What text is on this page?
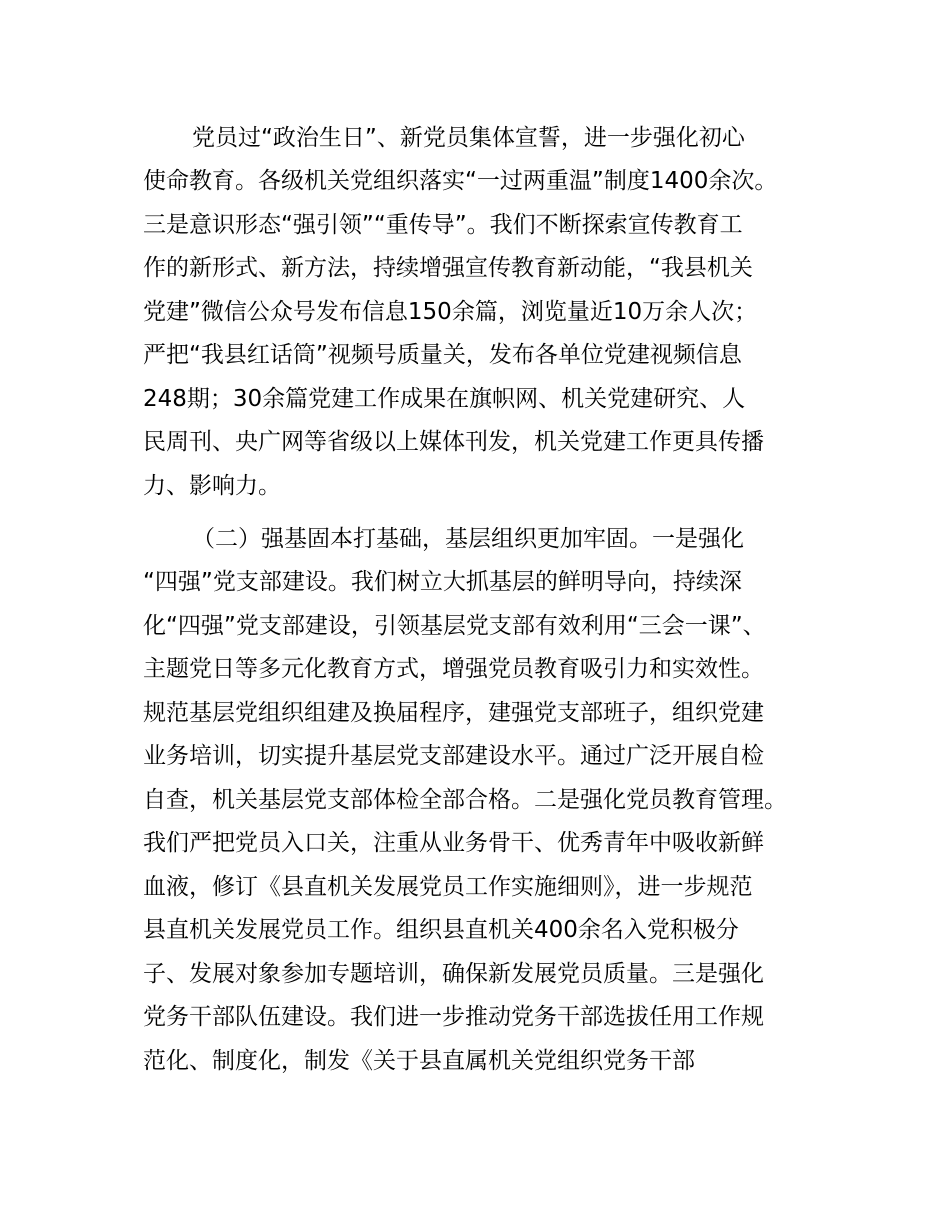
党员过“政治生日”、新党员集体宣誓，进一步强化初心
使命教育。各级机关党组织落实“一过两重温”制度1400余次。
三是意识形态“强引领”“重传导”。我们不断探索宣传教育工
作的新形式、新方法，持续增强宣传教育新动能，“我县机关
党建”微信公众号发布信息150余篇，浏览量近10万余人次；
严把“我县红话筒”视频号质量关，发布各单位党建视频信息
248期；30余篇党建工作成果在旗帜网、机关党建研究、人
民周刊、央广网等省级以上媒体刊发，机关党建工作更具传播
力、影响力。
（二）强基固本打基础，基层组织更加牢固。一是强化
“四强”党支部建设。我们树立大抓基层的鲜明导向，持续深
化“四强”党支部建设，引领基层党支部有效利用“三会一课”、
主题党日等多元化教育方式，增强党员教育吸引力和实效性。
规范基层党组织组建及换届程序，建强党支部班子，组织党建
业务培训，切实提升基层党支部建设水平。通过广泛开展自检
自查，机关基层党支部体检全部合格。二是强化党员教育管理。
我们严把党员入口关，注重从业务骨干、优秀青年中吸收新鲜
血液，修订《县直机关发展党员工作实施细则》，进一步规范
县直机关发展党员工作。组织县直机关400余名入党积极分
子、发展对象参加专题培训，确保新发展党员质量。三是强化
党务干部队伍建设。我们进一步推动党务干部选拔任用工作规
范化、制度化，制发《关于县直属机关党组织党务干部
